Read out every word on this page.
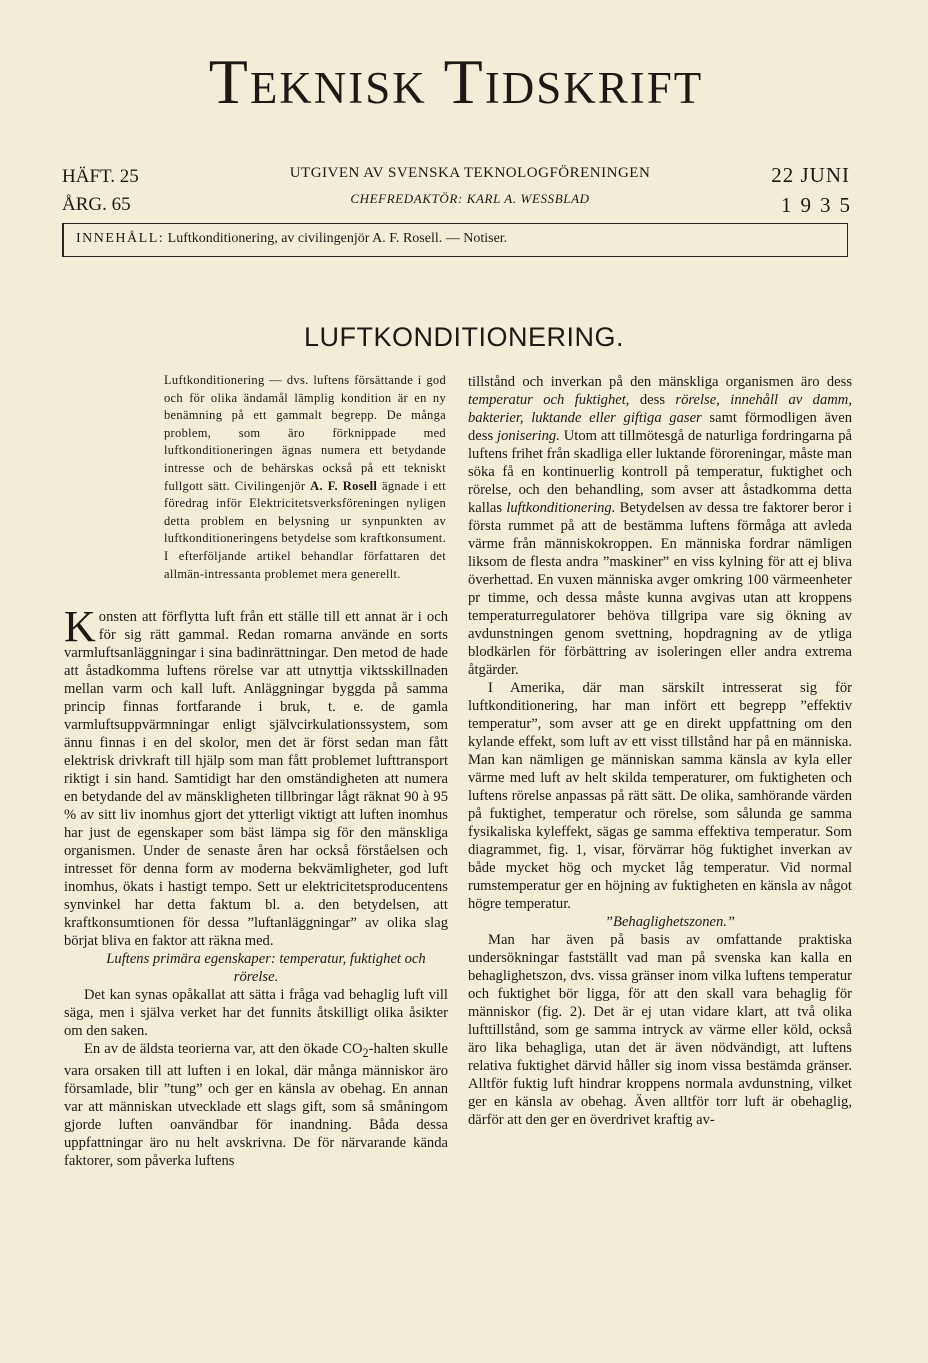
Teknisk Tidskrift
HÄFT. 25
ÅRG. 65
UTGIVEN AV SVENSKA TEKNOLOGFÖRENINGEN
CHEFREDAKTÖR: KARL A. WESSBLAD
22 JUNI
1935
INNEHÅLL: Luftkonditionering, av civilingenjör A. F. Rosell. — Notiser.
LUFTKONDITIONERING.
Luftkonditionering — dvs. luftens försättande i god och för olika ändamål lämplig kondition är en ny benämning på ett gammalt begrepp. De många problem, som äro förknippade med luftkonditioneringen ägnas numera ett betydande intresse och de behärskas också på ett tekniskt fullgott sätt. Civilingenjör A. F. Rosell ägnade i ett föredrag inför Elektricitetsverksföreningen nyligen detta problem en belysning ur synpunkten av luftkonditioneringens betydelse som kraftkonsument. I efterföljande artikel behandlar författaren det allmän-intressanta problemet mera generellt.

Konsten att förflytta luft från ett ställe till ett annat är i och för sig rätt gammal. Redan romarna använde en sorts varmluftsanläggningar i sina badinrättningar. Den metod de hade att åstadkomma luftens rörelse var att utnyttja viktsskillnaden mellan varm och kall luft. Anläggningar byggda på samma princip finnas fortfarande i bruk, t. e. de gamla varmluftsuppvärmningar enligt självcirkulationssystem, som ännu finnas i en del skolor, men det är först sedan man fått elektrisk drivkraft till hjälp som man fått problemet lufttransport riktigt i sin hand. Samtidigt har den omständigheten att numera en betydande del av mänskligheten tillbringar lågt räknat 90 à 95 % av sitt liv inomhus gjort det ytterligt viktigt att luften inomhus har just de egenskaper som bäst lämpa sig för den mänskliga organismen. Under de senaste åren har också förståelsen och intresset för denna form av moderna bekvämligheter, god luft inomhus, ökats i hastigt tempo. Sett ur elektricitetsproducentens synvinkel har detta faktum bl. a. den betydelsen, att kraftkonsumtionen för dessa ”luftanläggningar” av olika slag börjat bliva en faktor att räkna med.

Luftens primära egenskaper: temperatur, fuktighet och rörelse.

Det kan synas opåkallat att sätta i fråga vad behaglig luft vill säga, men i själva verket har det funnits åtskilligt olika åsikter om den saken.

En av de äldsta teorierna var, att den ökade $CO_2$-halten skulle vara orsaken till att luften i en lokal, där många människor äro församlade, blir ”tung” och ger en känsla av obehag. En annan var att människan utvecklade ett slags gift, som så småningom gjorde luften oanvändbar för inandning. Båda dessa uppfattningar äro nu helt avskrivna. De för närvarande kända faktorer, som påverka luftens

tillstånd och inverkan på den mänskliga organismen äro dess temperatur och fuktighet, dess rörelse, innehåll av damm, bakterier, luktande eller giftiga gaser samt förmodligen även dess jonisering. Utom att tillmötesgå de naturliga fordringarna på luftens frihet från skadliga eller luktande föroreningar, måste man söka få en kontinuerlig kontroll på temperatur, fuktighet och rörelse, och den behandling, som avser att åstadkomma detta kallas luftkonditionering. Betydelsen av dessa tre faktorer beror i första rummet på att de bestämma luftens förmåga att avleda värme från människokroppen. En människa fordrar nämligen liksom de flesta andra ”maskiner” en viss kylning för att ej bliva överhettad. En vuxen människa avger omkring 100 värmeenheter pr timme, och dessa måste kunna avgivas utan att kroppens temperaturregulatorer behöva tillgripa vare sig ökning av avdunstningen genom svettning, hopdragning av de ytliga blodkärlen för förbättring av isoleringen eller andra extrema åtgärder.

I Amerika, där man särskilt intresserat sig för luftkonditionering, har man infört ett begrepp ”effektiv temperatur”, som avser att ge en direkt uppfattning om den kylande effekt, som luft av ett visst tillstånd har på en människa. Man kan nämligen ge människan samma känsla av kyla eller värme med luft av helt skilda temperaturer, om fuktigheten och luftens rörelse anpassas på rätt sätt. De olika, samhörande värden på fuktighet, temperatur och rörelse, som sålunda ge samma fysikaliska kyleffekt, sägas ge samma effektiva temperatur. Som diagrammet, fig. 1, visar, förvärrar hög fuktighet inverkan av både mycket hög och mycket låg temperatur. Vid normal rumstemperatur ger en höjning av fuktigheten en känsla av något högre temperatur.

”Behaglighetszonen.”

Man har även på basis av omfattande praktiska undersökningar fastställt vad man på svenska kan kalla en behaglighetszon, dvs. vissa gränser inom vilka luftens temperatur och fuktighet bör ligga, för att den skall vara behaglig för människor (fig. 2). Det är ej utan vidare klart, att två olika lufttillstånd, som ge samma intryck av värme eller köld, också äro lika behagliga, utan det är även nödvändigt, att luftens relativa fuktighet därvid håller sig inom vissa bestämda gränser. Alltför fuktig luft hindrar kroppens normala avdunstning, vilket ger en känsla av obehag. Även alltför torr luft är obehaglig, därför att den ger en överdrivet kraftig av-
